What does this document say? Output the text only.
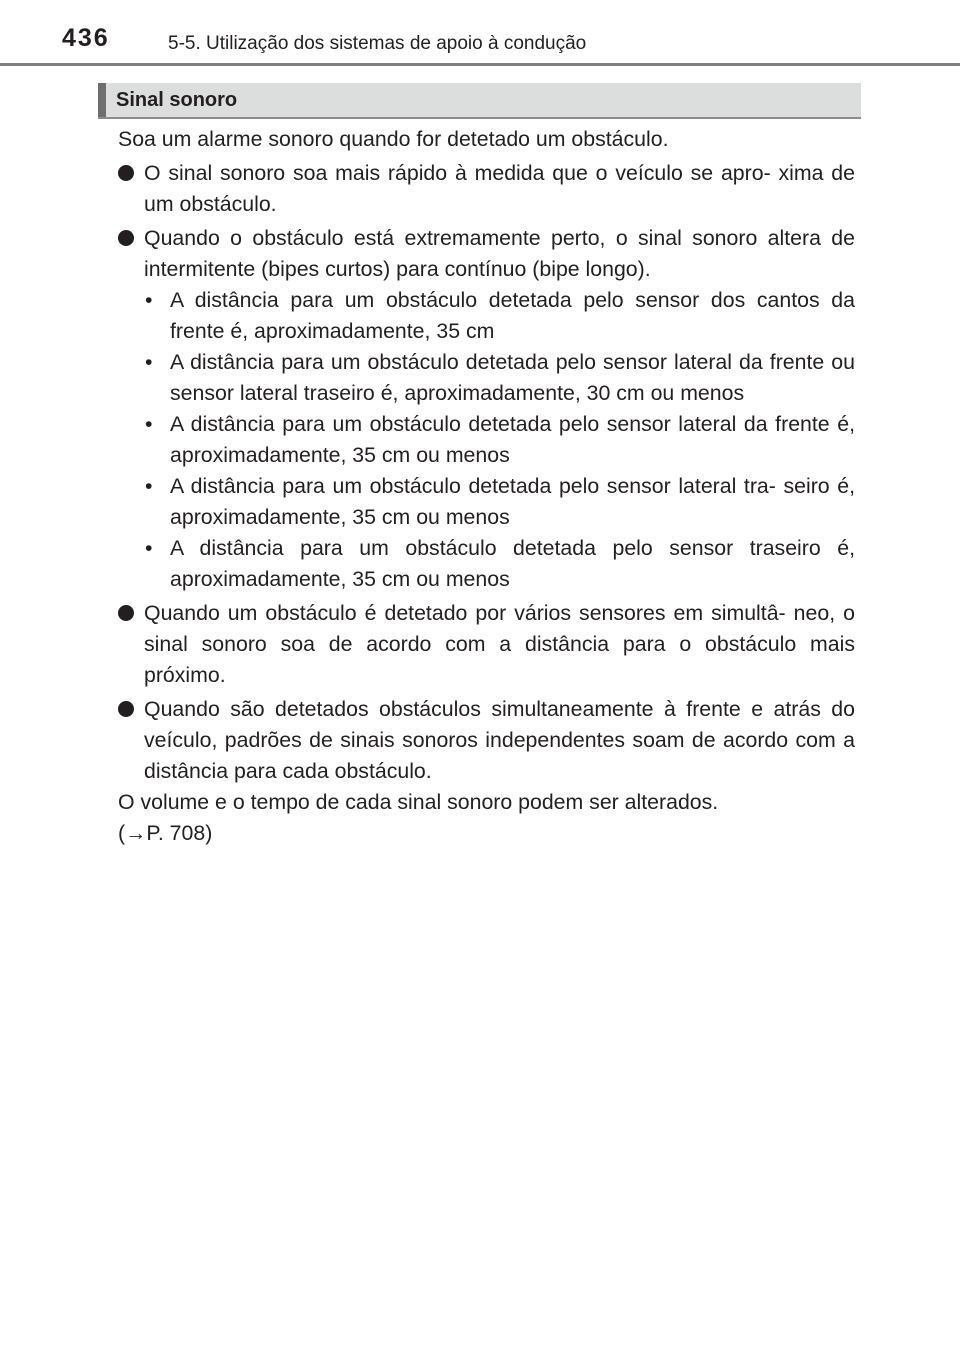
436	5-5. Utilização dos sistemas de apoio à condução
Sinal sonoro

Soa um alarme sonoro quando for detetado um obstáculo.

O sinal sonoro soa mais rápido à medida que o veículo se apro- xima de um obstáculo.
Quando o obstáculo está extremamente perto, o sinal sonoro altera de intermitente (bipes curtos) para contínuo (bipe longo).
• A distância para um obstáculo detetada pelo sensor dos cantos da frente é, aproximadamente, 35 cm
• A distância para um obstáculo detetada pelo sensor lateral da frente ou sensor lateral traseiro é, aproximadamente, 30 cm ou menos
• A distância para um obstáculo detetada pelo sensor lateral da frente é, aproximadamente, 35 cm ou menos
• A distância para um obstáculo detetada pelo sensor lateral tra- seiro é, aproximadamente, 35 cm ou menos
• A distância para um obstáculo detetada pelo sensor traseiro é, aproximadamente, 35 cm ou menos
Quando um obstáculo é detetado por vários sensores em simultâ- neo, o sinal sonoro soa de acordo com a distância para o obstáculo mais próximo.
Quando são detetados obstáculos simultaneamente à frente e atrás do veículo, padrões de sinais sonoros independentes soam de acordo com a distância para cada obstáculo.

O volume e o tempo de cada sinal sonoro podem ser alterados.
(→P. 708)
